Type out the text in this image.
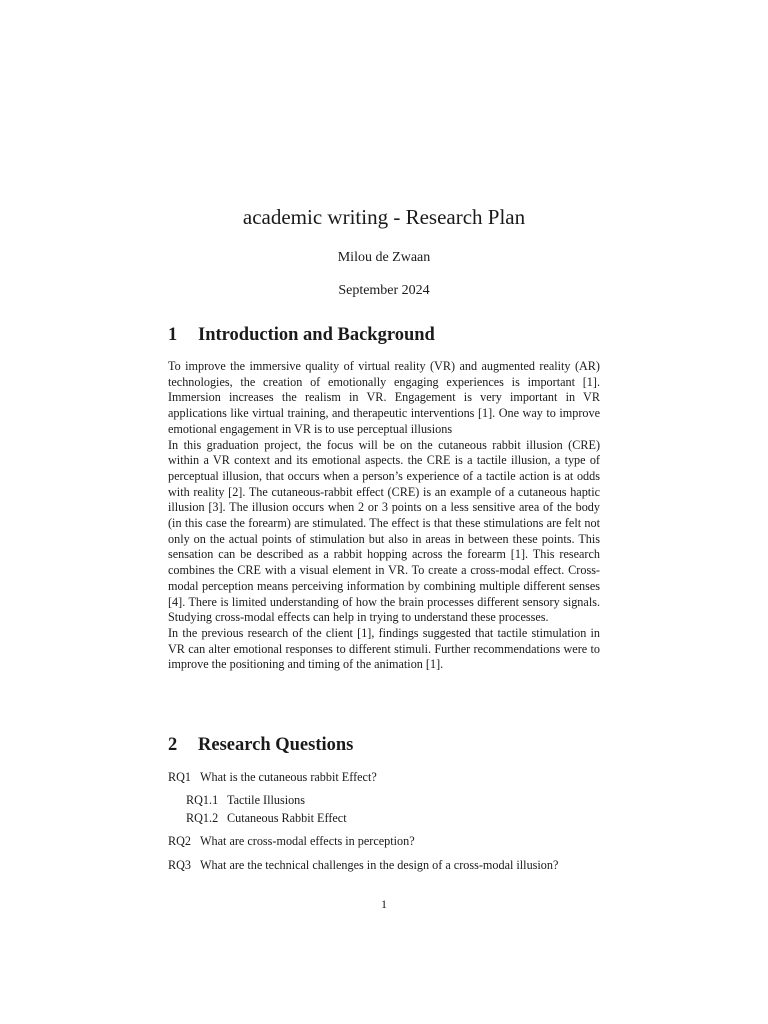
academic writing - Research Plan
Milou de Zwaan
September 2024
1 Introduction and Background

To improve the immersive quality of virtual reality (VR) and augmented reality (AR) technologies, the creation of emotionally engaging experiences is important [1]. Immersion increases the realism in VR. Engagement is very important in VR applications like virtual training, and therapeutic interventions [1]. One way to improve emotional engagement in VR is to use perceptual illusions

In this graduation project, the focus will be on the cutaneous rabbit illusion (CRE) within a VR context and its emotional aspects. the CRE is a tactile illusion, a type of perceptual illusion, that occurs when a person’s experience of a tactile action is at odds with reality [2]. The cutaneous-rabbit effect (CRE) is an example of a cutaneous haptic illusion [3]. The illusion occurs when 2 or 3 points on a less sensitive area of the body (in this case the forearm) are stimulated. The effect is that these stimulations are felt not only on the actual points of stimulation but also in areas in between these points. This sensation can be described as a rabbit hopping across the forearm [1]. This research combines the CRE with a visual element in VR. To create a cross-modal effect. Cross-modal perception means perceiving information by combining multiple different senses [4]. There is limited understanding of how the brain processes different sensory signals. Studying cross-modal effects can help in trying to understand these processes.

In the previous research of the client [1], findings suggested that tactile stimulation in VR can alter emotional responses to different stimuli. Further recommendations were to improve the positioning and timing of the animation [1].

2 Research Questions
RQ1 What is the cutaneous rabbit Effect?
RQ1.1 Tactile Illusions
RQ1.2 Cutaneous Rabbit Effect
RQ2 What are cross-modal effects in perception?
RQ3 What are the technical challenges in the design of a cross-modal illusion?
1
